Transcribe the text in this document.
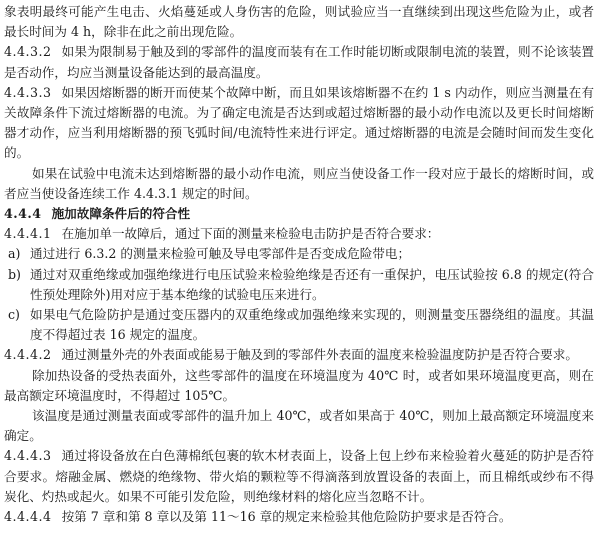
象表明最终可能产生电击、火焰蔓延或人身伤害的危险，则试验应当一直继续到出现这些危险为止，或者最长时间为 4 h，除非在此之前出现危险。

4.4.3.2 如果为限制易于触及到的零部件的温度而装有在工作时能切断或限制电流的装置，则不论该装置是否动作，均应当测量设备能达到的最高温度。

4.4.3.3 如果因熔断器的断开而使某个故障中断，而且如果该熔断器不在约 1 s 内动作，则应当测量在有关故障条件下流过熔断器的电流。为了确定电流是否达到或超过熔断器的最小动作电流以及更长时间熔断器才动作，应当利用熔断器的预飞弧时间/电流特性来进行评定。通过熔断器的电流是会随时间而发生变化的。

如果在试验中电流未达到熔断器的最小动作电流，则应当使设备工作一段对应于最长的熔断时间，或者应当使设备连续工作 4.4.3.1 规定的时间。

4.4.4 施加故障条件后的符合性

4.4.4.1 在施加单一故障后，通过下面的测量来检验电击防护是否符合要求：

a) 通过进行 6.3.2 的测量来检验可触及导电零部件是否变成危险带电；

b) 通过对双重绝缘或加强绝缘进行电压试验来检验绝缘是否还有一重保护，电压试验按 6.8 的规定(符合性预处理除外)用对应于基本绝缘的试验电压来进行。

c) 如果电气危险防护是通过变压器内的双重绝缘或加强绝缘来实现的，则测量变压器绕组的温度。其温度不得超过表 16 规定的温度。

4.4.4.2 通过测量外壳的外表面或能易于触及到的零部件外表面的温度来检验温度防护是否符合要求。

除加热设备的受热表面外，这些零部件的温度在环境温度为 40℃ 时，或者如果环境温度更高，则在最高额定环境温度时，不得超过 105℃。

该温度是通过测量表面或零部件的温升加上 40℃，或者如果高于 40℃，则加上最高额定环境温度来确定。

4.4.4.3 通过将设备放在白色薄棉纸包裹的软木材表面上，设备上包上纱布来检验着火蔓延的防护是否符合要求。熔融金属、燃烧的绝缘物、带火焰的颗粒等不得滴落到放置设备的表面上，而且棉纸或纱布不得炭化、灼热或起火。如果不可能引发危险，则绝缘材料的熔化应当忽略不计。

4.4.4.4 按第 7 章和第 8 章以及第 11～16 章的规定来检验其他危险防护要求是否符合。
